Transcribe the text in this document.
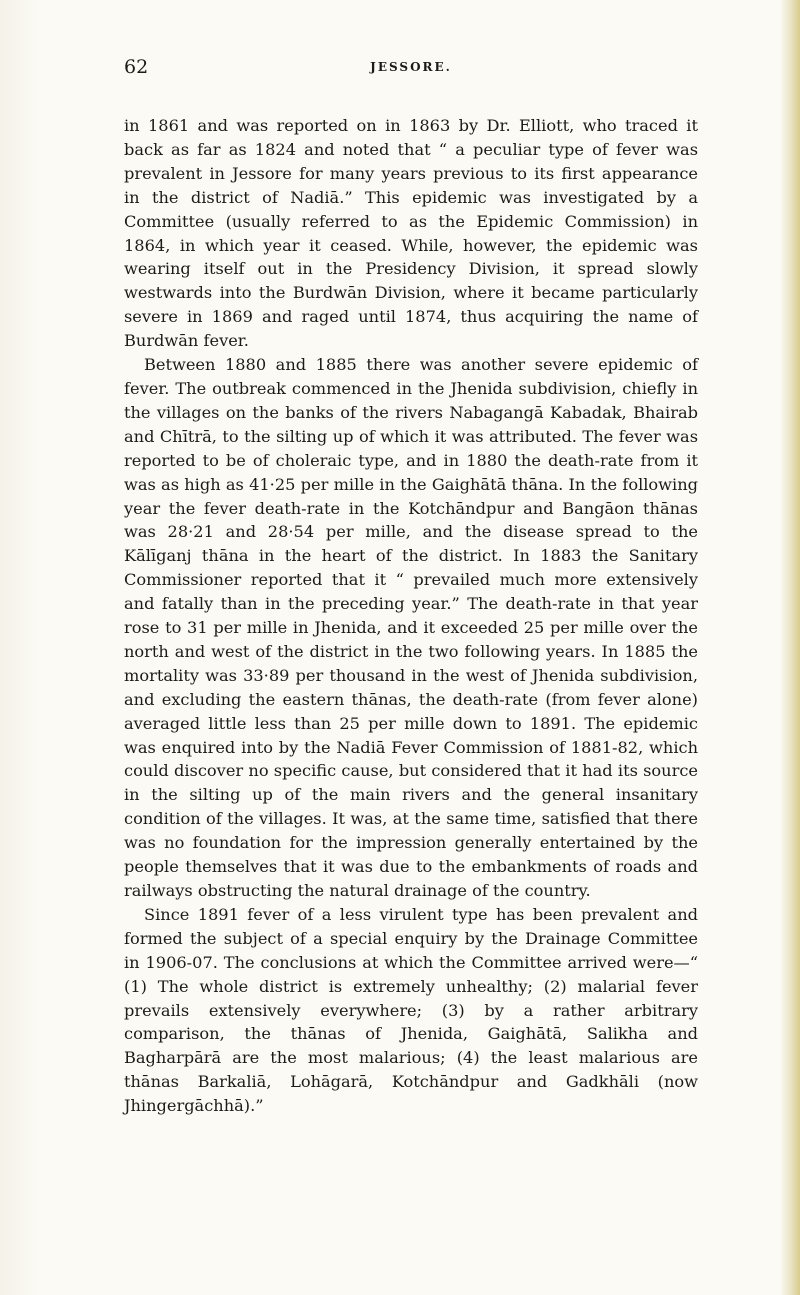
62	JESSORE.

in 1861 and was reported on in 1863 by Dr. Elliott, who traced it back as far as 1824 and noted that “ a peculiar type of fever was prevalent in Jessore for many years previous to its first appearance in the district of Nadiā.” This epidemic was investigated by a Committee (usually referred to as the Epidemic Commission) in 1864, in which year it ceased. While, however, the epidemic was wearing itself out in the Presidency Division, it spread slowly westwards into the Burdwān Division, where it became particularly severe in 1869 and raged until 1874, thus acquiring the name of Burdwān fever.

Between 1880 and 1885 there was another severe epidemic of fever. The outbreak commenced in the Jhenida subdivision, chiefly in the villages on the banks of the rivers Nabagangā Kabadak, Bhairab and Chītrā, to the silting up of which it was attributed. The fever was reported to be of choleraic type, and in 1880 the death-rate from it was as high as 41·25 per mille in the Gaighātā thāna. In the following year the fever death-rate in the Kotchāndpur and Bangāon thānas was 28·21 and 28·54 per mille, and the disease spread to the Kālīganj thāna in the heart of the district. In 1883 the Sanitary Commissioner reported that it “ prevailed much more extensively and fatally than in the preceding year.” The death-rate in that year rose to 31 per mille in Jhenida, and it exceeded 25 per mille over the north and west of the district in the two following years. In 1885 the mortality was 33·89 per thousand in the west of Jhenida subdivision, and excluding the eastern thānas, the death-rate (from fever alone) averaged little less than 25 per mille down to 1891. The epidemic was enquired into by the Nadiā Fever Commission of 1881-82, which could discover no specific cause, but considered that it had its source in the silting up of the main rivers and the general insanitary condition of the villages. It was, at the same time, satisfied that there was no foundation for the impression generally entertained by the people themselves that it was due to the embankments of roads and railways obstructing the natural drainage of the country.

Since 1891 fever of a less virulent type has been prevalent and formed the subject of a special enquiry by the Drainage Committee in 1906-07. The conclusions at which the Committee arrived were—“ (1) The whole district is extremely unhealthy; (2) malarial fever prevails extensively everywhere; (3) by a rather arbitrary comparison, the thānas of Jhenida, Gaighātā, Salikha and Bagharpārā are the most malarious; (4) the least malarious are thānas Barkaliā, Lohāgarā, Kotchāndpur and Gadkhāli (now Jhingergāchhā).”
